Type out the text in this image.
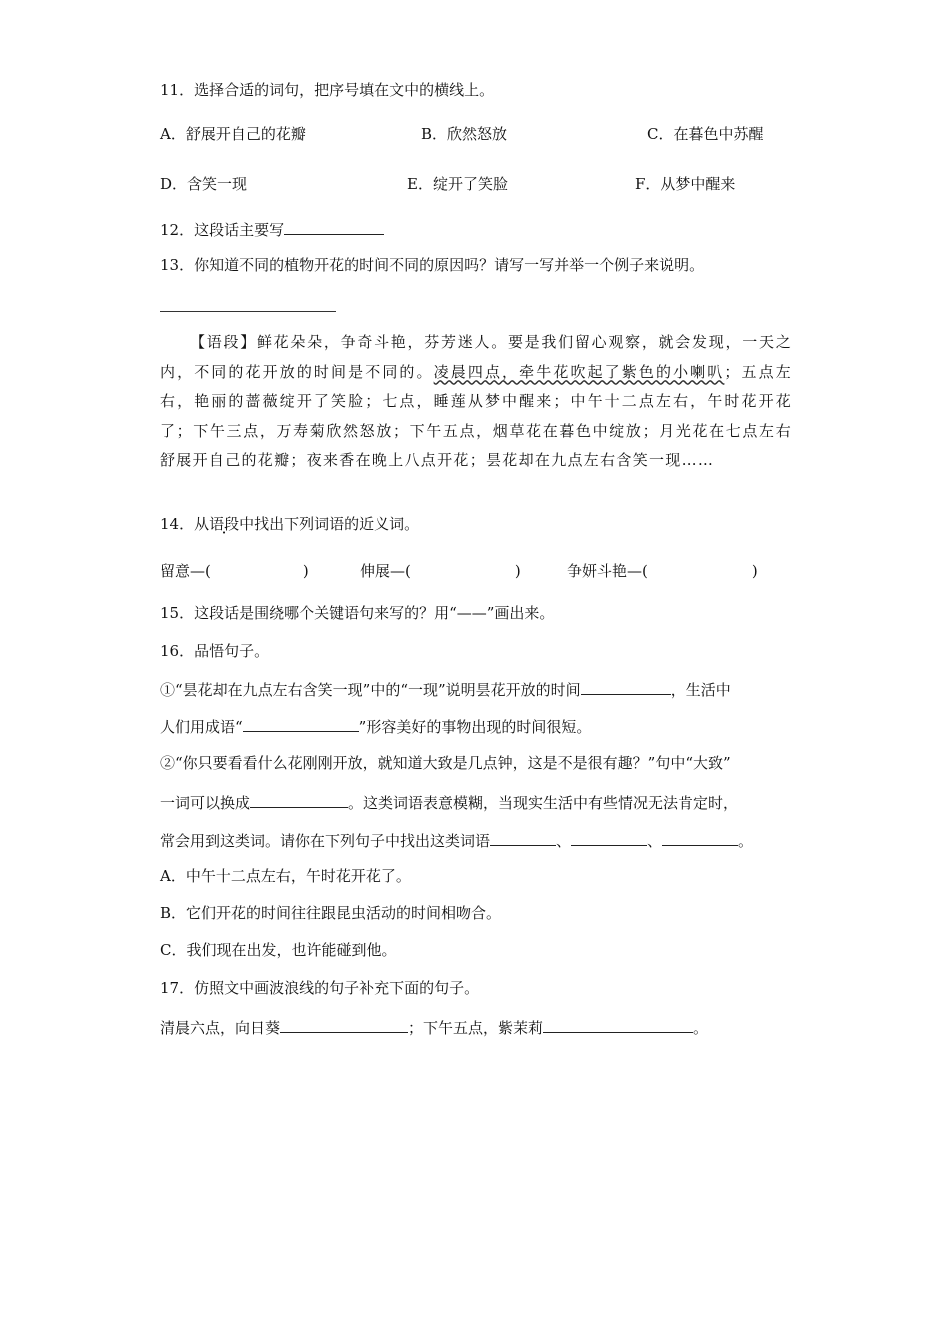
11．选择合适的词句，把序号填在文中的横线上。
A．舒展开自己的花瓣	B．欣然怒放	C．在暮色中苏醒
D．含笑一现	E．绽开了笑脸	F．从梦中醒来
12．这段话主要写
13．你知道不同的植物开花的时间不同的原因吗？请写一写并举一个例子来说明。
【语段】鲜花朵朵，争奇斗艳，芬芳迷人。要是我们留心观察，就会发现，一天之内，不同的花开放的时间是不同的。凌晨四点，牵牛花吹起了紫色的小喇叭；五点左右，艳丽的蔷薇绽开了笑脸；七点，睡莲从梦中醒来；中午十二点左右，午时花开花了；下午三点，万寿菊欣然怒放；下午五点，烟草花在暮色中绽放；月光花在七点左右舒展开自己的花瓣；夜来香在晚上八点开花；昙花却在九点左右含笑一现……
14．从语段中找出下列词语的近义词。
留意—(	)	伸展—(	)	争妍斗艳—(	)
15．这段话是围绕哪个关键语句来写的？用“——”画出来。
16．品悟句子。
①“昙花却在九点左右含笑一现”中的“一现”说明昙花开放的时间	，生活中
人们用成语“	”形容美好的事物出现的时间很短。
②“你只要看看什么花刚刚开放，就知道大致是几点钟，这是不是很有趣？”句中“大致”
一词可以换成	。这类词语表意模糊，当现实生活中有些情况无法肯定时，
常会用到这类词。请你在下列句子中找出这类词语	、	、	。
A．中午十二点左右，午时花开花了。
B．它们开花的时间往往跟昆虫活动的时间相吻合。
C．我们现在出发，也许能碰到他。
17．仿照文中画波浪线的句子补充下面的句子。
清晨六点，向日葵	；下午五点，紫茉莉	。
